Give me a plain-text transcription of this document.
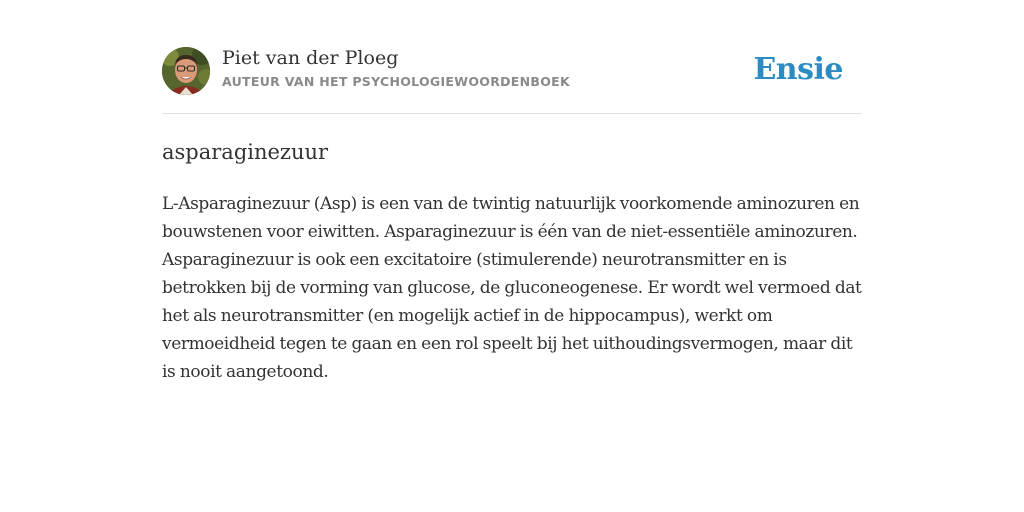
Piet van der Ploeg
AUTEUR VAN HET PSYCHOLOGIEWOORDENBOEK	Ensie
asparaginezuur
L-Asparaginezuur (Asp) is een van de twintig natuurlijk voorkomende aminozuren en bouwstenen voor eiwitten. Asparaginezuur is één van de niet-essentiële aminozuren. Asparaginezuur is ook een excitatoire (stimulerende) neurotransmitter en is betrokken bij de vorming van glucose, de gluconeogenese. Er wordt wel vermoed dat het als neurotransmitter (en mogelijk actief in de hippocampus), werkt om vermoeidheid tegen te gaan en een rol speelt bij het uithoudingsvermogen, maar dit is nooit aangetoond.
